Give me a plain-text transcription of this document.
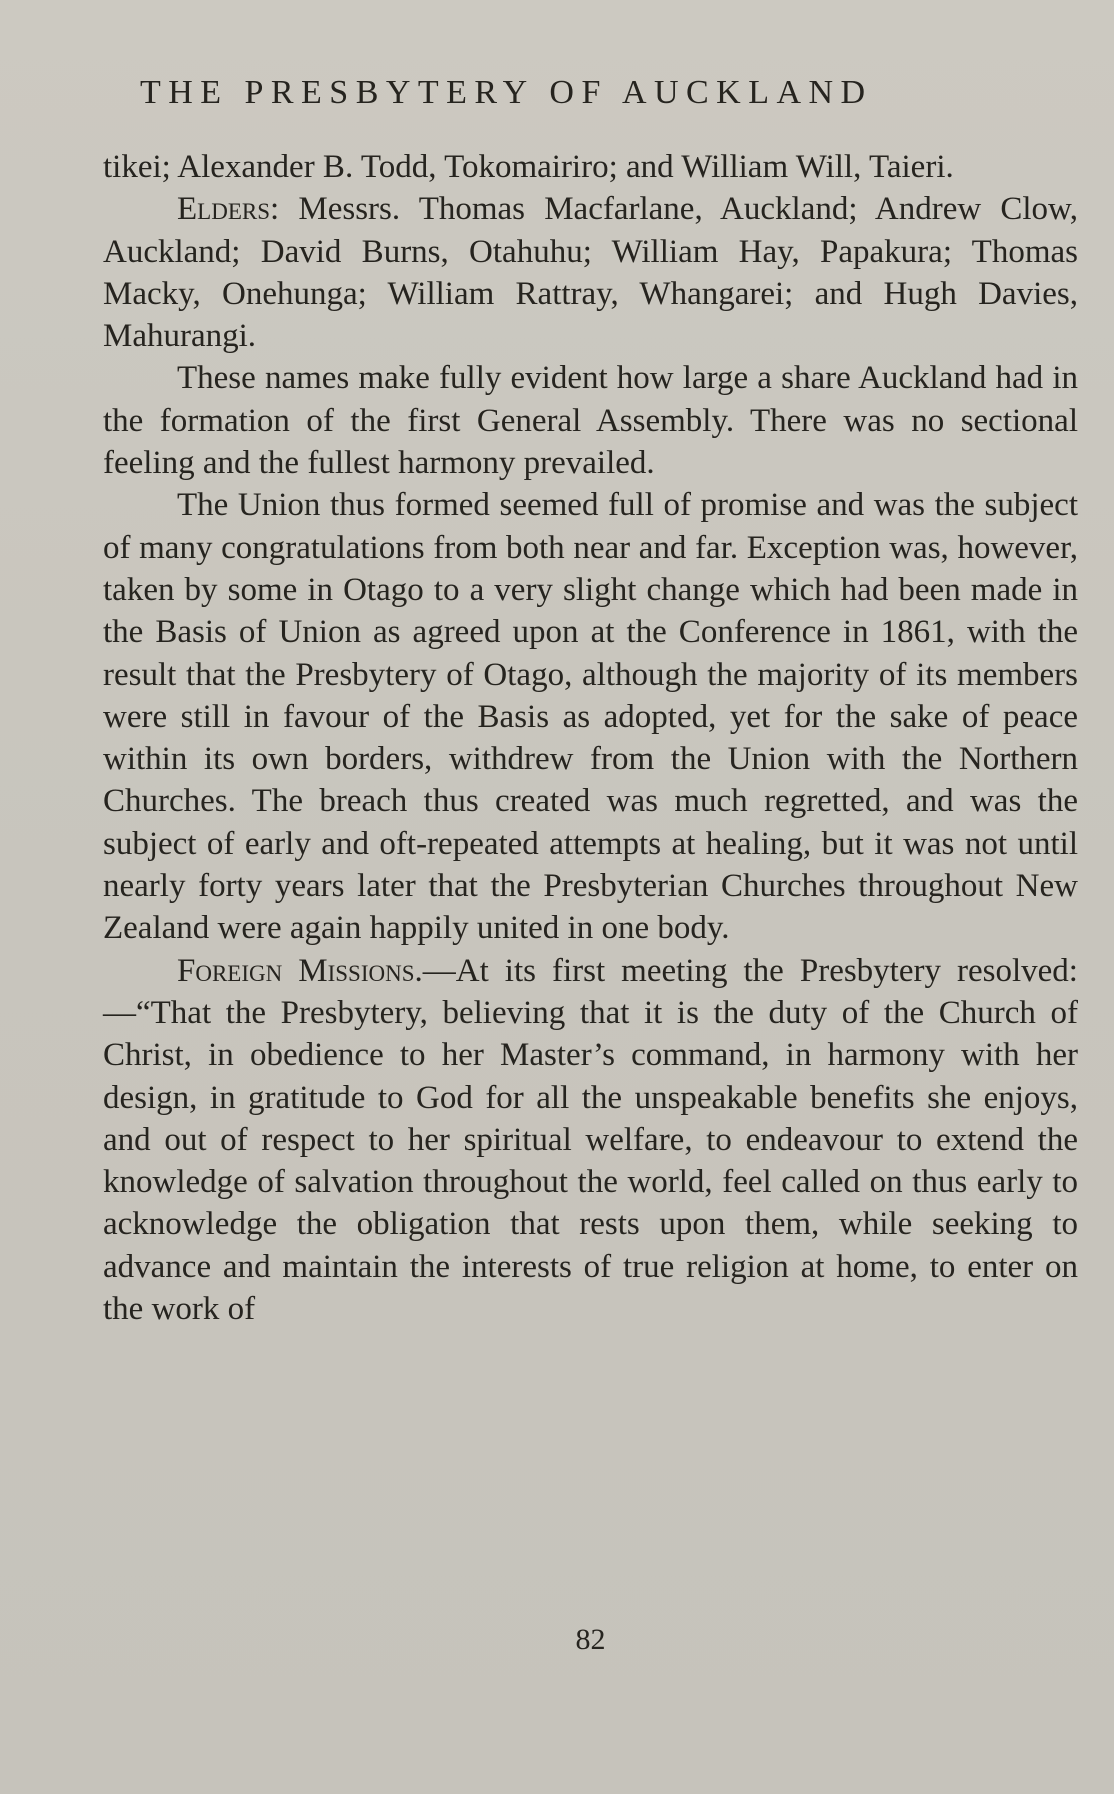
THE PRESBYTERY OF AUCKLAND

tikei; Alexander B. Todd, Tokomairiro; and William Will, Taieri.

Elders: Messrs. Thomas Macfarlane, Auckland; Andrew Clow, Auckland; David Burns, Otahuhu; William Hay, Papakura; Thomas Macky, Onehunga; William Rattray, Whangarei; and Hugh Davies, Mahurangi.

These names make fully evident how large a share Auckland had in the formation of the first General Assembly. There was no sectional feeling and the fullest harmony prevailed.

The Union thus formed seemed full of promise and was the subject of many congratulations from both near and far. Exception was, however, taken by some in Otago to a very slight change which had been made in the Basis of Union as agreed upon at the Conference in 1861, with the result that the Presbytery of Otago, although the majority of its members were still in favour of the Basis as adopted, yet for the sake of peace within its own borders, withdrew from the Union with the Northern Churches. The breach thus created was much regretted, and was the subject of early and oft-repeated attempts at healing, but it was not until nearly forty years later that the Presbyterian Churches throughout New Zealand were again happily united in one body.

Foreign Missions.—At its first meeting the Presbytery resolved:—“That the Presbytery, believing that it is the duty of the Church of Christ, in obedience to her Master’s command, in harmony with her design, in gratitude to God for all the unspeakable benefits she enjoys, and out of respect to her spiritual welfare, to endeavour to extend the knowledge of salvation throughout the world, feel called on thus early to acknowledge the obligation that rests upon them, while seeking to advance and maintain the interests of true religion at home, to enter on the work of

82
